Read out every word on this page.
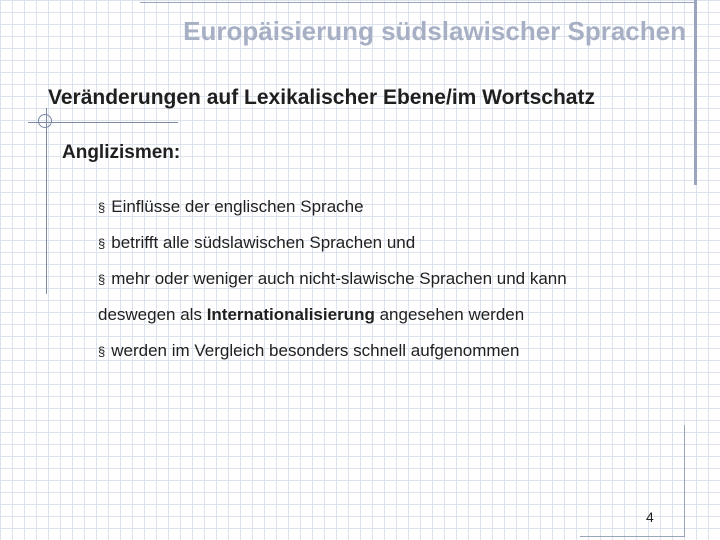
Europäisierung südslawischer Sprachen
Veränderungen auf Lexikalischer Ebene/im Wortschatz
Anglizismen:
§ Einflüsse der englischen Sprache
§ betrifft alle südslawischen Sprachen und
§ mehr oder weniger auch nicht-slawische Sprachen und kann
deswegen als Internationalisierung angesehen werden
§ werden im Vergleich besonders schnell aufgenommen
4
